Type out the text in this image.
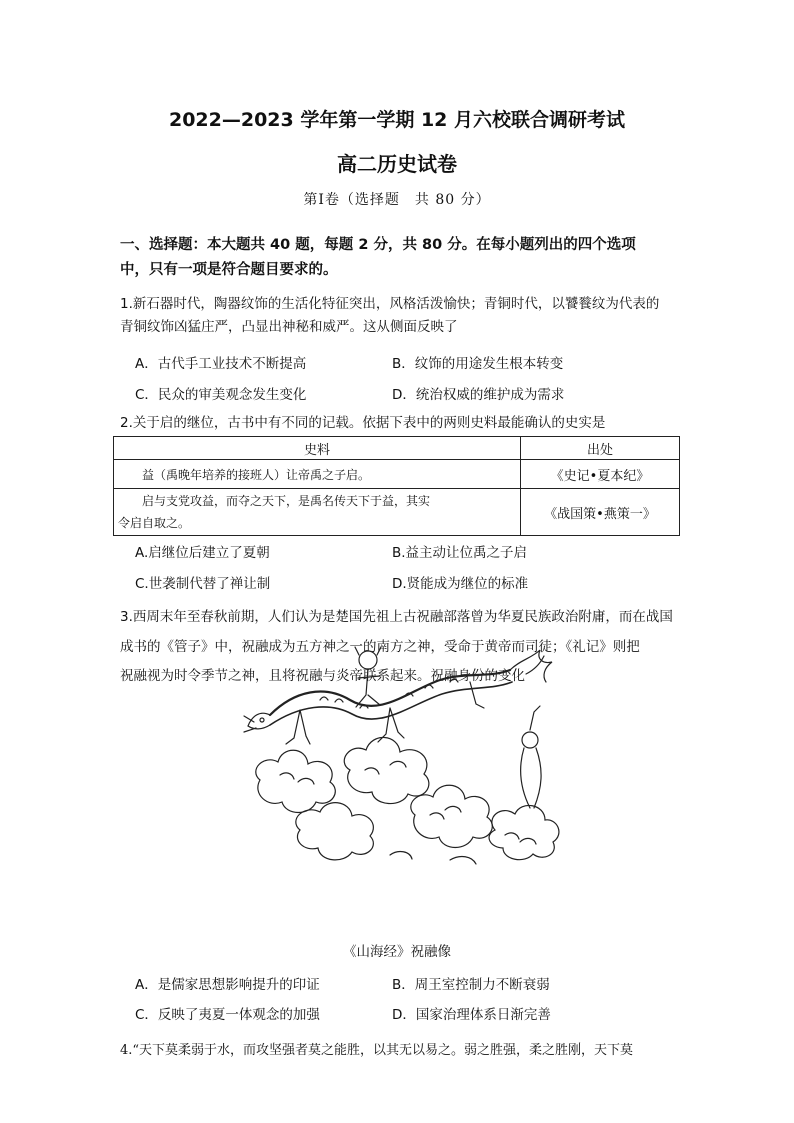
2022—2023 学年第一学期 12 月六校联合调研考试
高二历史试卷
第Ⅰ卷（选择题　共 80 分）
一、选择题：本大题共 40 题，每题 2 分，共 80 分。在每小题列出的四个选项
中，只有一项是符合题目要求的。
1.新石器时代，陶器纹饰的生活化特征突出，风格活泼愉快；青铜时代，以饕餮纹为代表的
青铜纹饰凶猛庄严，凸显出神秘和威严。这从侧面反映了
A．古代手工业技术不断提高	B．纹饰的用途发生根本转变
C．民众的审美观念发生变化	D．统治权威的维护成为需求
2.关于启的继位，古书中有不同的记载。依据下表中的两则史料最能确认的史实是
史料	出处
益（禹晚年培养的接班人）让帝禹之子启。	《史记•夏本纪》

启与支党攻益，而夺之天下，是禹名传天下于益，其实
令启自取之。	《战国策•燕策一》
A.启继位后建立了夏朝	B.益主动让位禹之子启
C.世袭制代替了禅让制	D.贤能成为继位的标准
3.西周末年至春秋前期，人们认为是楚国先祖上古祝融部落曾为华夏民族政治附庸，而在战国
成书的《管子》中，祝融成为五方神之一的南方之神，受命于黄帝而司徒；《礼记》则把
祝融视为时令季节之神，且将祝融与炎帝联系起来。祝融身份的变化
《山海经》祝融像
A．是儒家思想影响提升的印证	B．周王室控制力不断衰弱
C．反映了夷夏一体观念的加强	D．国家治理体系日渐完善
4.“天下莫柔弱于水，而攻坚强者莫之能胜，以其无以易之。弱之胜强，柔之胜刚，天下莫
